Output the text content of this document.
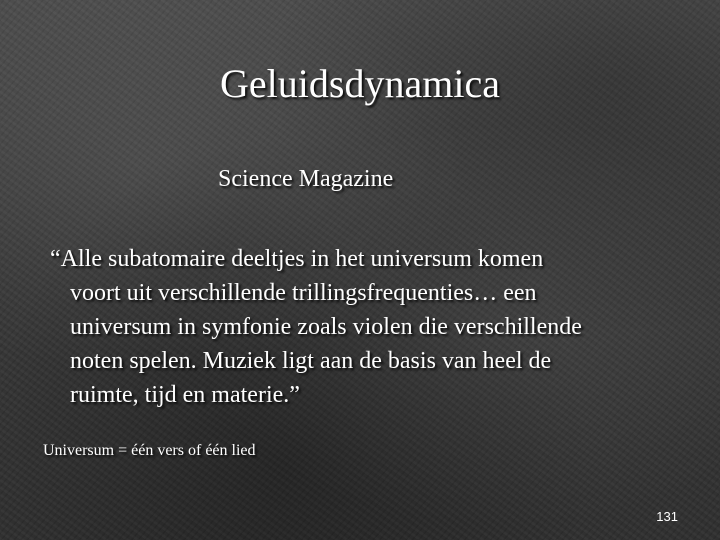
Geluidsdynamica
Science Magazine
“Alle subatomaire deeltjes in het universum komen
voort uit verschillende trillingsfrequenties… een
universum in symfonie zoals violen die verschillende
noten spelen. Muziek ligt aan de basis van heel de
ruimte, tijd en materie.”
Universum = één vers of één lied
131
